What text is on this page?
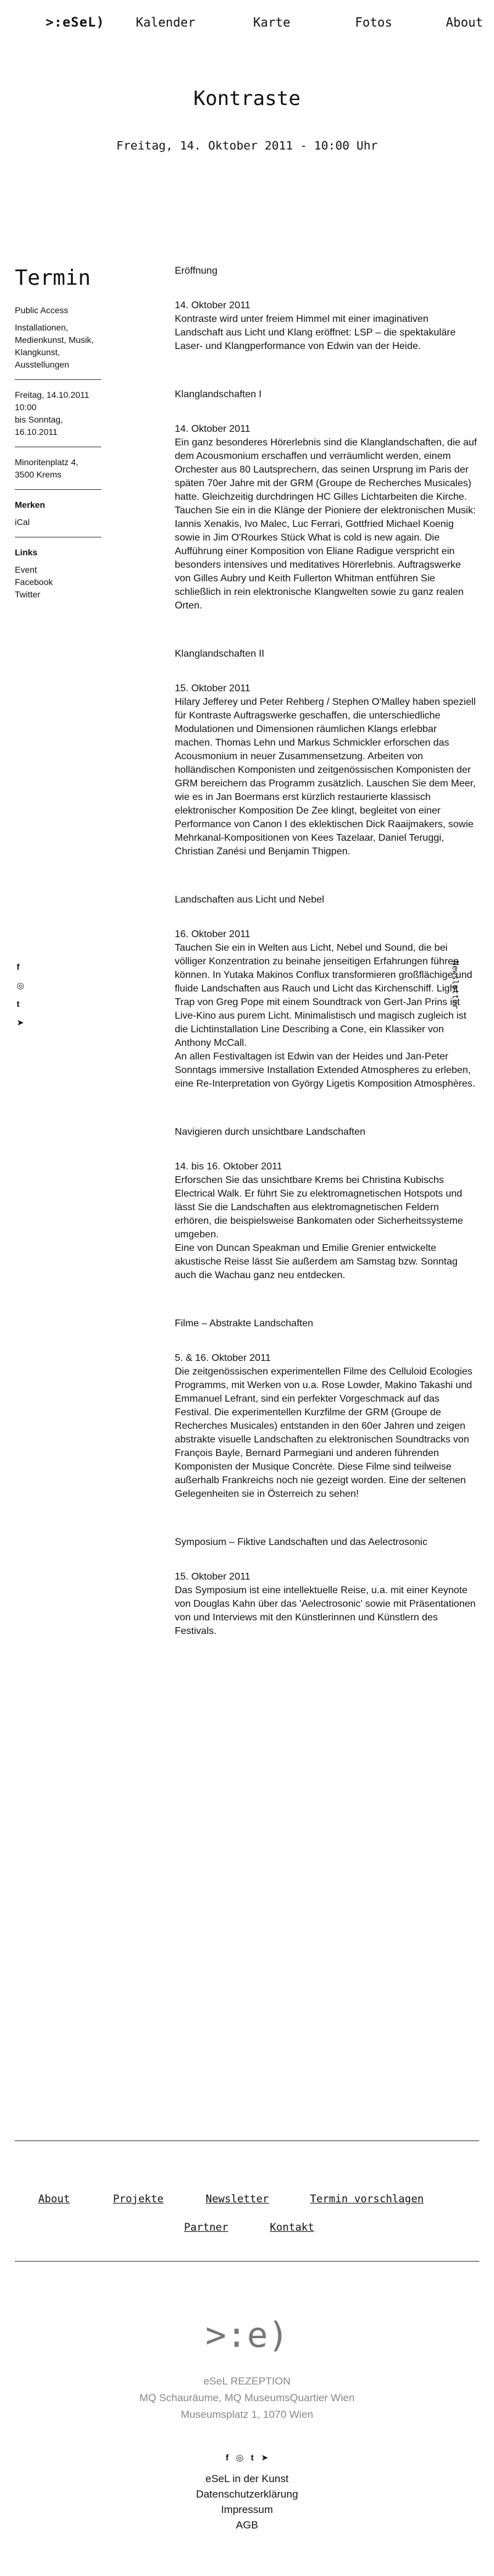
>:eSeL)	Kalender	Karte	Fotos	About
Kontraste
Freitag, 14. Oktober 2011 - 10:00 Uhr
Termin
Public Access
Installationen, Medienkunst, Musik, Klangkunst, Ausstellungen
Freitag, 14.10.2011
10:00
bis Sonntag,
16.10.2011
Minoritenplatz 4,
3500 Krems
Merken
iCal
Links
Event
Facebook
Twitter
f
◎
t
➤
Newsletter

Eröffnung

14. Oktober 2011

Kontraste wird unter freiem Himmel mit einer imaginativen Landschaft aus Licht und Klang eröffnet: LSP – die spektakuläre Laser- und Klangperformance von Edwin van der Heide.

Klanglandschaften I

14. Oktober 2011

Ein ganz besonderes Hörerlebnis sind die Klanglandschaften, die auf dem Acousmonium erschaffen und verräumlicht werden, einem Orchester aus 80 Lautsprechern, das seinen Ursprung im Paris der späten 70er Jahre mit der GRM (Groupe de Recherches Musicales) hatte. Gleichzeitig durchdringen HC Gilles Lichtarbeiten die Kirche. Tauchen Sie ein in die Klänge der Pioniere der elektronischen Musik: Iannis Xenakis, Ivo Malec, Luc Ferrari, Gottfried Michael Koenig sowie in Jim O'Rourkes Stück What is cold is new again. Die Aufführung einer Komposition von Eliane Radigue verspricht ein besonders intensives und meditatives Hörerlebnis. Auftragswerke von Gilles Aubry und Keith Fullerton Whitman entführen Sie schließlich in rein elektronische Klangwelten sowie zu ganz realen Orten.

Klanglandschaften II

15. Oktober 2011

Hilary Jefferey und Peter Rehberg / Stephen O'Malley haben speziell für Kontraste Auftragswerke geschaffen, die unterschiedliche Modulationen und Dimensionen räumlichen Klangs erlebbar machen. Thomas Lehn und Markus Schmickler erforschen das Acousmonium in neuer Zusammensetzung. Arbeiten von holländischen Komponisten und zeitgenössischen Komponisten der GRM bereichern das Programm zusätzlich. Lauschen Sie dem Meer, wie es in Jan Boermans erst kürzlich restaurierte klassisch elektronischer Komposition De Zee klingt, begleitet von einer Performance von Canon I des eklektischen Dick Raaijmakers, sowie Mehrkanal-Kompositionen von Kees Tazelaar, Daniel Teruggi, Christian Zanési und Benjamin Thigpen.

Landschaften aus Licht und Nebel

16. Oktober 2011

Tauchen Sie ein in Welten aus Licht, Nebel und Sound, die bei völliger Konzentration zu beinahe jenseitigen Erfahrungen führen können. In Yutaka Makinos Conflux transformieren großflächige und fluide Landschaften aus Rauch und Licht das Kirchenschiff. Light Trap von Greg Pope mit einem Soundtrack von Gert-Jan Prins ist Live-Kino aus purem Licht. Minimalistisch und magisch zugleich ist die Lichtinstallation Line Describing a Cone, ein Klassiker von Anthony McCall.

An allen Festivaltagen ist Edwin van der Heides und Jan-Peter Sonntags immersive Installation Extended Atmospheres zu erleben, eine Re-Interpretation von György Ligetis Komposition Atmosphères.

Navigieren durch unsichtbare Landschaften

14. bis 16. Oktober 2011

Erforschen Sie das unsichtbare Krems bei Christina Kubischs Electrical Walk. Er führt Sie zu elektromagnetischen Hotspots und lässt Sie die Landschaften aus elektromagnetischen Feldern erhören, die beispielsweise Bankomaten oder Sicherheitssysteme umgeben.

Eine von Duncan Speakman und Emilie Grenier entwickelte akustische Reise lässt Sie außerdem am Samstag bzw. Sonntag auch die Wachau ganz neu entdecken.

Filme – Abstrakte Landschaften

5. & 16. Oktober 2011

Die zeitgenössischen experimentellen Filme des Celluloid Ecologies Programms, mit Werken von u.a. Rose Lowder, Makino Takashi und Emmanuel Lefrant, sind ein perfekter Vorgeschmack auf das Festival. Die experimentellen Kurzfilme der GRM (Groupe de Recherches Musicales) entstanden in den 60er Jahren und zeigen abstrakte visuelle Landschaften zu elektronischen Soundtracks von François Bayle, Bernard Parmegiani und anderen führenden Komponisten der Musique Concrète. Diese Filme sind teilweise außerhalb Frankreichs noch nie gezeigt worden. Eine der seltenen Gelegenheiten sie in Österreich zu sehen!

Symposium – Fiktive Landschaften und das Aelectrosonic

15. Oktober 2011

Das Symposium ist eine intellektuelle Reise, u.a. mit einer Keynote von Douglas Kahn über das 'Aelectrosonic' sowie mit Präsentationen von und Interviews mit den Künstlerinnen und Künstlern des Festivals.

About	Projekte	Newsletter	Termin vorschlagen
Partner	Kontakt
>:e)
eSeL REZEPTION
MQ Schauräume, MQ MuseumsQuartier Wien
Museumsplatz 1, 1070 Wien
f ◎ t ➤
eSeL in der Kunst
Datenschutzerklärung
Impressum
AGB
